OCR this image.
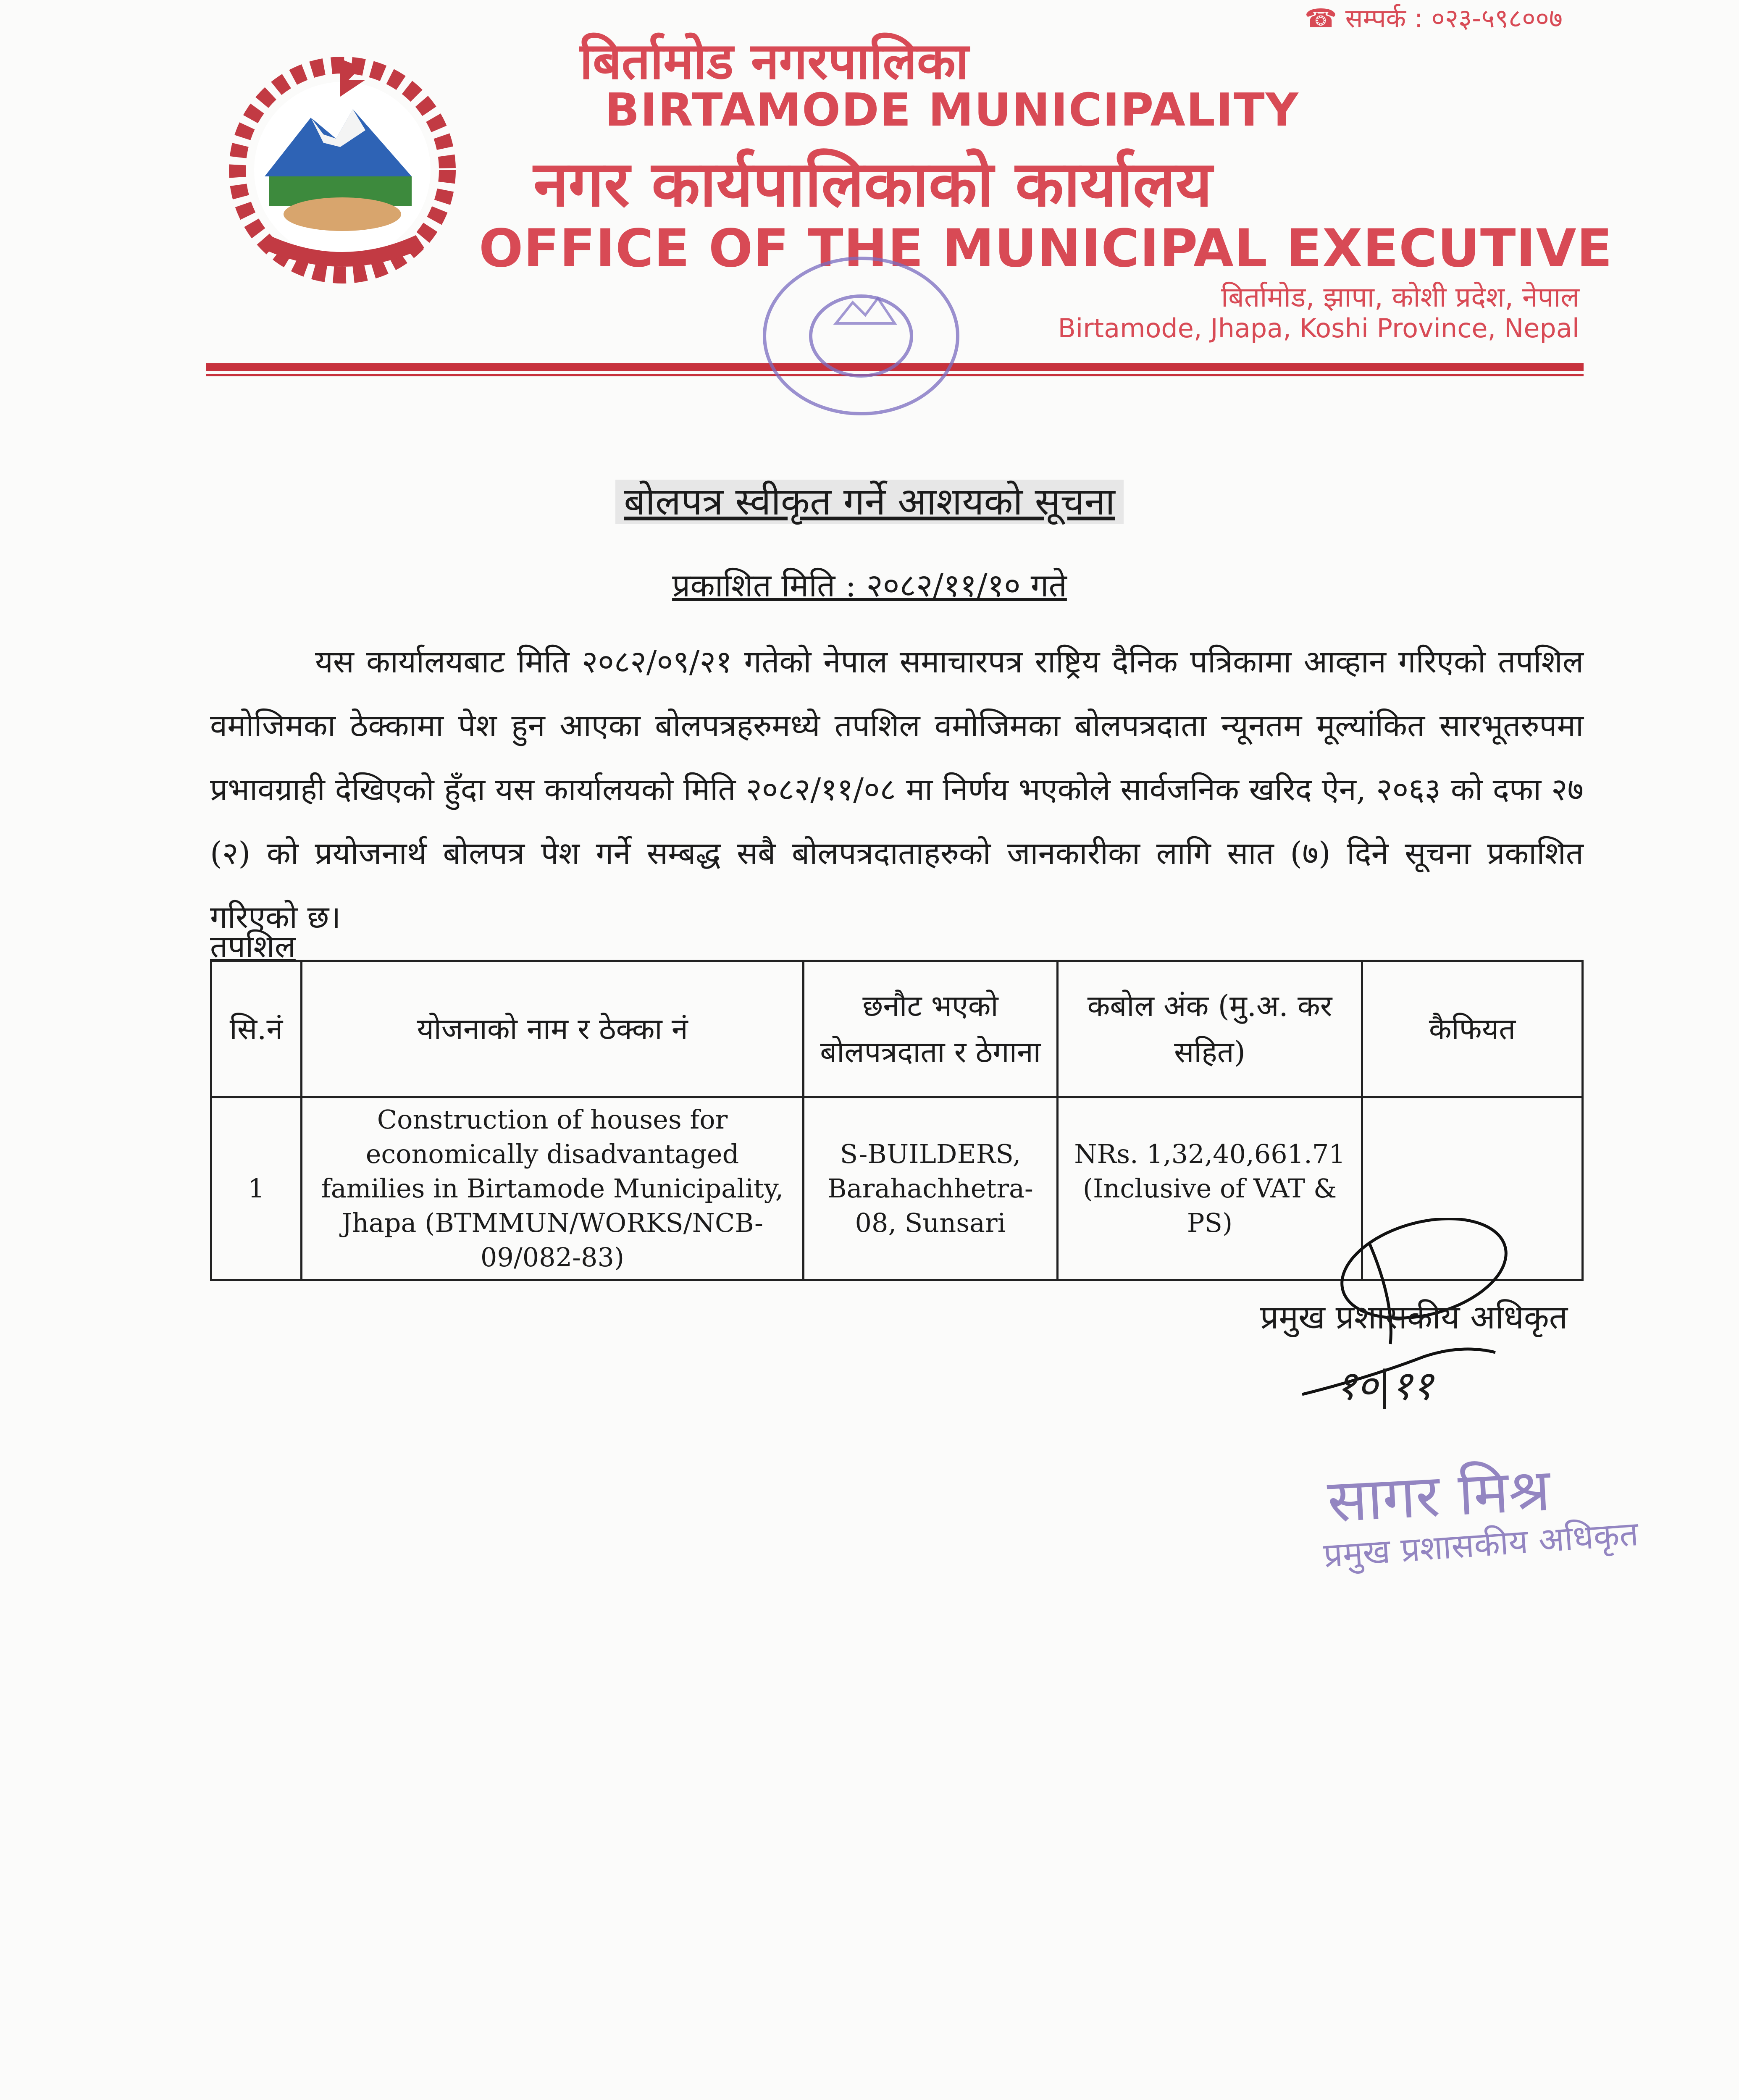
☎ सम्पर्क : ०२३-५९८००७
बिर्तामोड नगरपालिका
BIRTAMODE MUNICIPALITY
नगर कार्यपालिकाको कार्यालय
OFFICE OF THE MUNICIPAL EXECUTIVE
बिर्तामोड, झापा, कोशी प्रदेश, नेपाल
Birtamode, Jhapa, Koshi Province, Nepal
बोलपत्र स्वीकृत गर्ने आशयको सूचना
प्रकाशित मिति : २०८२/११/१० गते
यस कार्यालयबाट मिति २०८२/०९/२१ गतेको नेपाल समाचारपत्र राष्ट्रिय दैनिक पत्रिकामा आव्हान गरिएको तपशिल वमोजिमका ठेक्कामा पेश हुन आएका बोलपत्रहरुमध्ये तपशिल वमोजिमका बोलपत्रदाता न्यूनतम मूल्यांकित सारभूतरुपमा प्रभावग्राही देखिएको हुँदा यस कार्यालयको मिति २०८२/११/०८ मा निर्णय भएकोले सार्वजनिक खरिद ऐन, २०६३ को दफा २७ (२) को प्रयोजनार्थ बोलपत्र पेश गर्ने सम्बद्ध सबै बोलपत्रदाताहरुको जानकारीका लागि सात (७) दिने सूचना प्रकाशित गरिएको छ।
तपशिल
सि.नं	योजनाको नाम र ठेक्का नं	छनौट भएको बोलपत्रदाता र ठेगाना	कबोल अंक (मु.अ. कर सहित)	कैफियत
1	Construction of houses for economically disadvantaged families in Birtamode Municipality, Jhapa (BTMMUN/WORKS/NCB-09/082-83)	S-BUILDERS, Barahachhetra-08, Sunsari	NRs. 1,32,40,661.71 (Inclusive of VAT & PS)	
प्रमुख प्रशासकीय अधिकृत
१०|११
सागर मिश्र
प्रमुख प्रशासकीय अधिकृत
